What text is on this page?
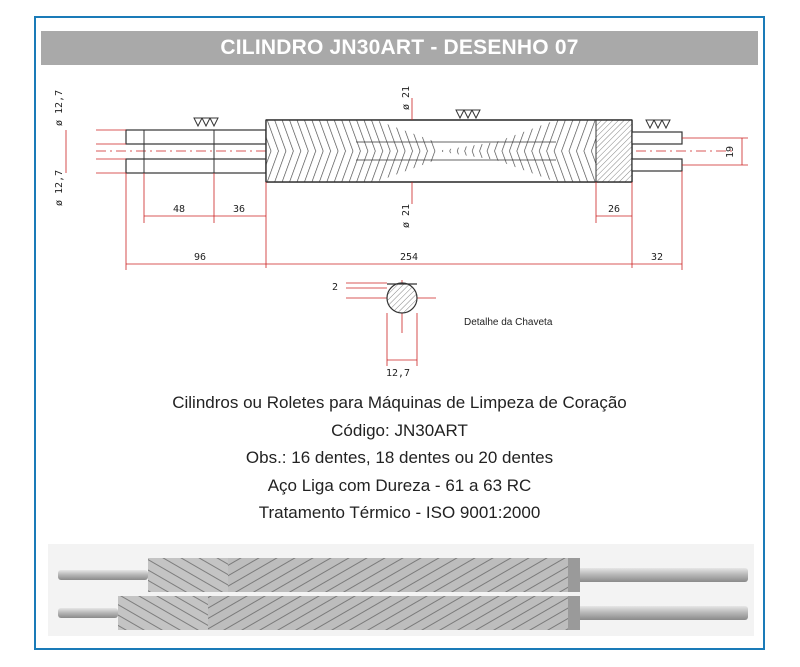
CILINDRO JN30ART - DESENHO 07
ø 12,7
ø 12,7
ø 21
ø 21
48	36	26
19
96	254	32
2
12,7
Detalhe da Chaveta
Cilindros ou Roletes para Máquinas de Limpeza de Coração
Código: JN30ART
Obs.: 16 dentes, 18 dentes ou 20 dentes
Aço Liga com Dureza - 61 a 63 RC
Tratamento Térmico - ISO 9001:2000
